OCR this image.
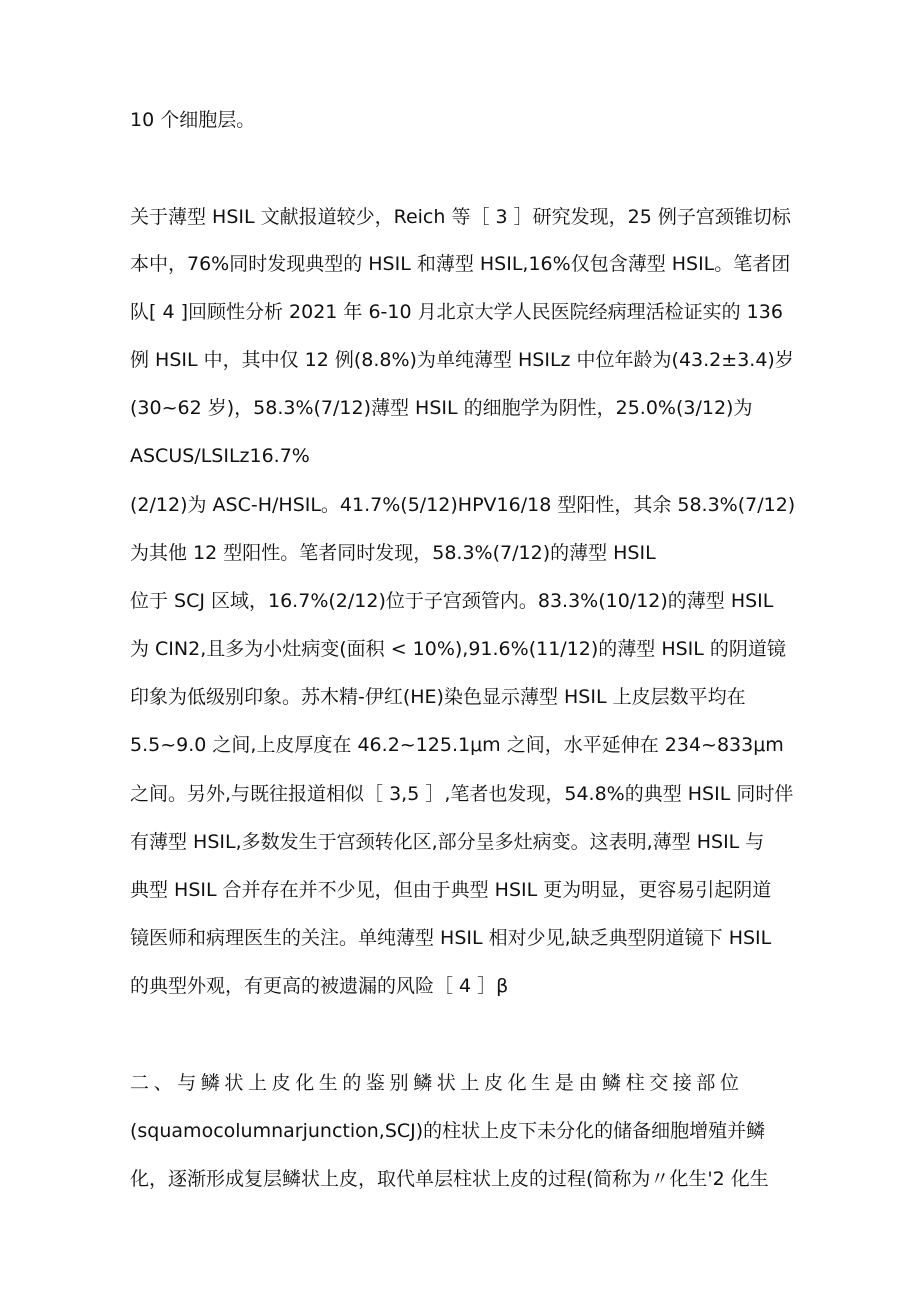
10 个细胞层。
关于薄型 HSIL 文献报道较少，Reich 等［ 3 ］研究发现，25 例子宫颈锥切标
本中，76%同时发现典型的 HSIL 和薄型 HSIL,16%仅包含薄型 HSIL。笔者团
队[ 4 ]回顾性分析 2021 年 6-10 月北京大学人民医院经病理活检证实的 136
例 HSIL 中，其中仅 12 例(8.8%)为单纯薄型 HSILz 中位年龄为(43.2±3.4)岁
(30~62 岁)，58.3%(7/12)薄型 HSIL 的细胞学为阴性，25.0%(3/12)为
ASCUS/LSILz16.7%
(2/12)为 ASC-H/HSIL。41.7%(5/12)HPV16/18 型阳性，其余 58.3%(7/12)
为其他 12 型阳性。笔者同时发现，58.3%(7/12)的薄型 HSIL
位于 SCJ 区域，16.7%(2/12)位于子宫颈管内。83.3%(10/12)的薄型 HSIL
为 CIN2,且多为小灶病变(面积 < 10%),91.6%(11/12)的薄型 HSIL 的阴道镜
印象为低级别印象。苏木精-伊红(HE)染色显示薄型 HSIL 上皮层数平均在
5.5~9.0 之间,上皮厚度在 46.2~125.1μm 之间，水平延伸在 234~833μm
之间。另外,与既往报道相似［ 3,5 ］,笔者也发现，54.8%的典型 HSIL 同时伴
有薄型 HSIL,多数发生于宫颈转化区,部分呈多灶病变。这表明,薄型 HSIL 与
典型 HSIL 合并存在并不少见，但由于典型 HSIL 更为明显，更容易引起阴道
镜医师和病理医生的关注。单纯薄型 HSIL 相对少见,缺乏典型阴道镜下 HSIL
的典型外观，有更高的被遗漏的风险［ 4 ］β
二、与鳞状上皮化生的鉴别鳞状上皮化生是由鳞柱交接部位
(squamocolumnarjunction,SCJ)的柱状上皮下未分化的储备细胞增殖并鳞
化，逐渐形成复层鳞状上皮，取代单层柱状上皮的过程(简称为〃化生'2 化生
